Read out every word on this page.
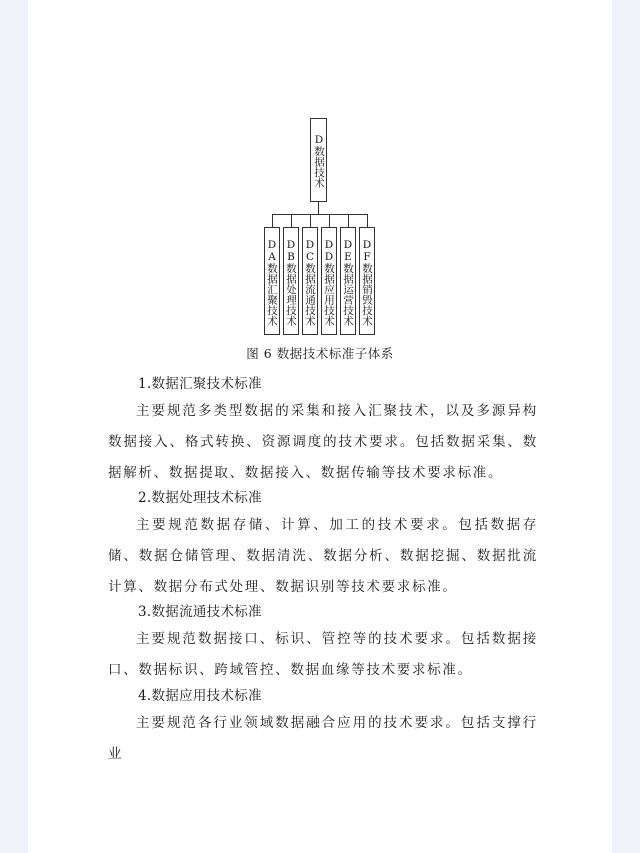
D数据技术
DA数据汇聚技术 DB数据处理技术 DC数据流通技术 DD数据应用技术 DE数据运营技术 DF数据销毁技术
图 6 数据技术标准子体系
1.数据汇聚技术标准
主要规范多类型数据的采集和接入汇聚技术，以及多源异构数据接入、格式转换、资源调度的技术要求。包括数据采集、数据解析、数据提取、数据接入、数据传输等技术要求标准。
2.数据处理技术标准
主要规范数据存储、计算、加工的技术要求。包括数据存储、数据仓储管理、数据清洗、数据分析、数据挖掘、数据批流计算、数据分布式处理、数据识别等技术要求标准。
3.数据流通技术标准
主要规范数据接口、标识、管控等的技术要求。包括数据接口、数据标识、跨域管控、数据血缘等技术要求标准。
4.数据应用技术标准
主要规范各行业领域数据融合应用的技术要求。包括支撑行业
